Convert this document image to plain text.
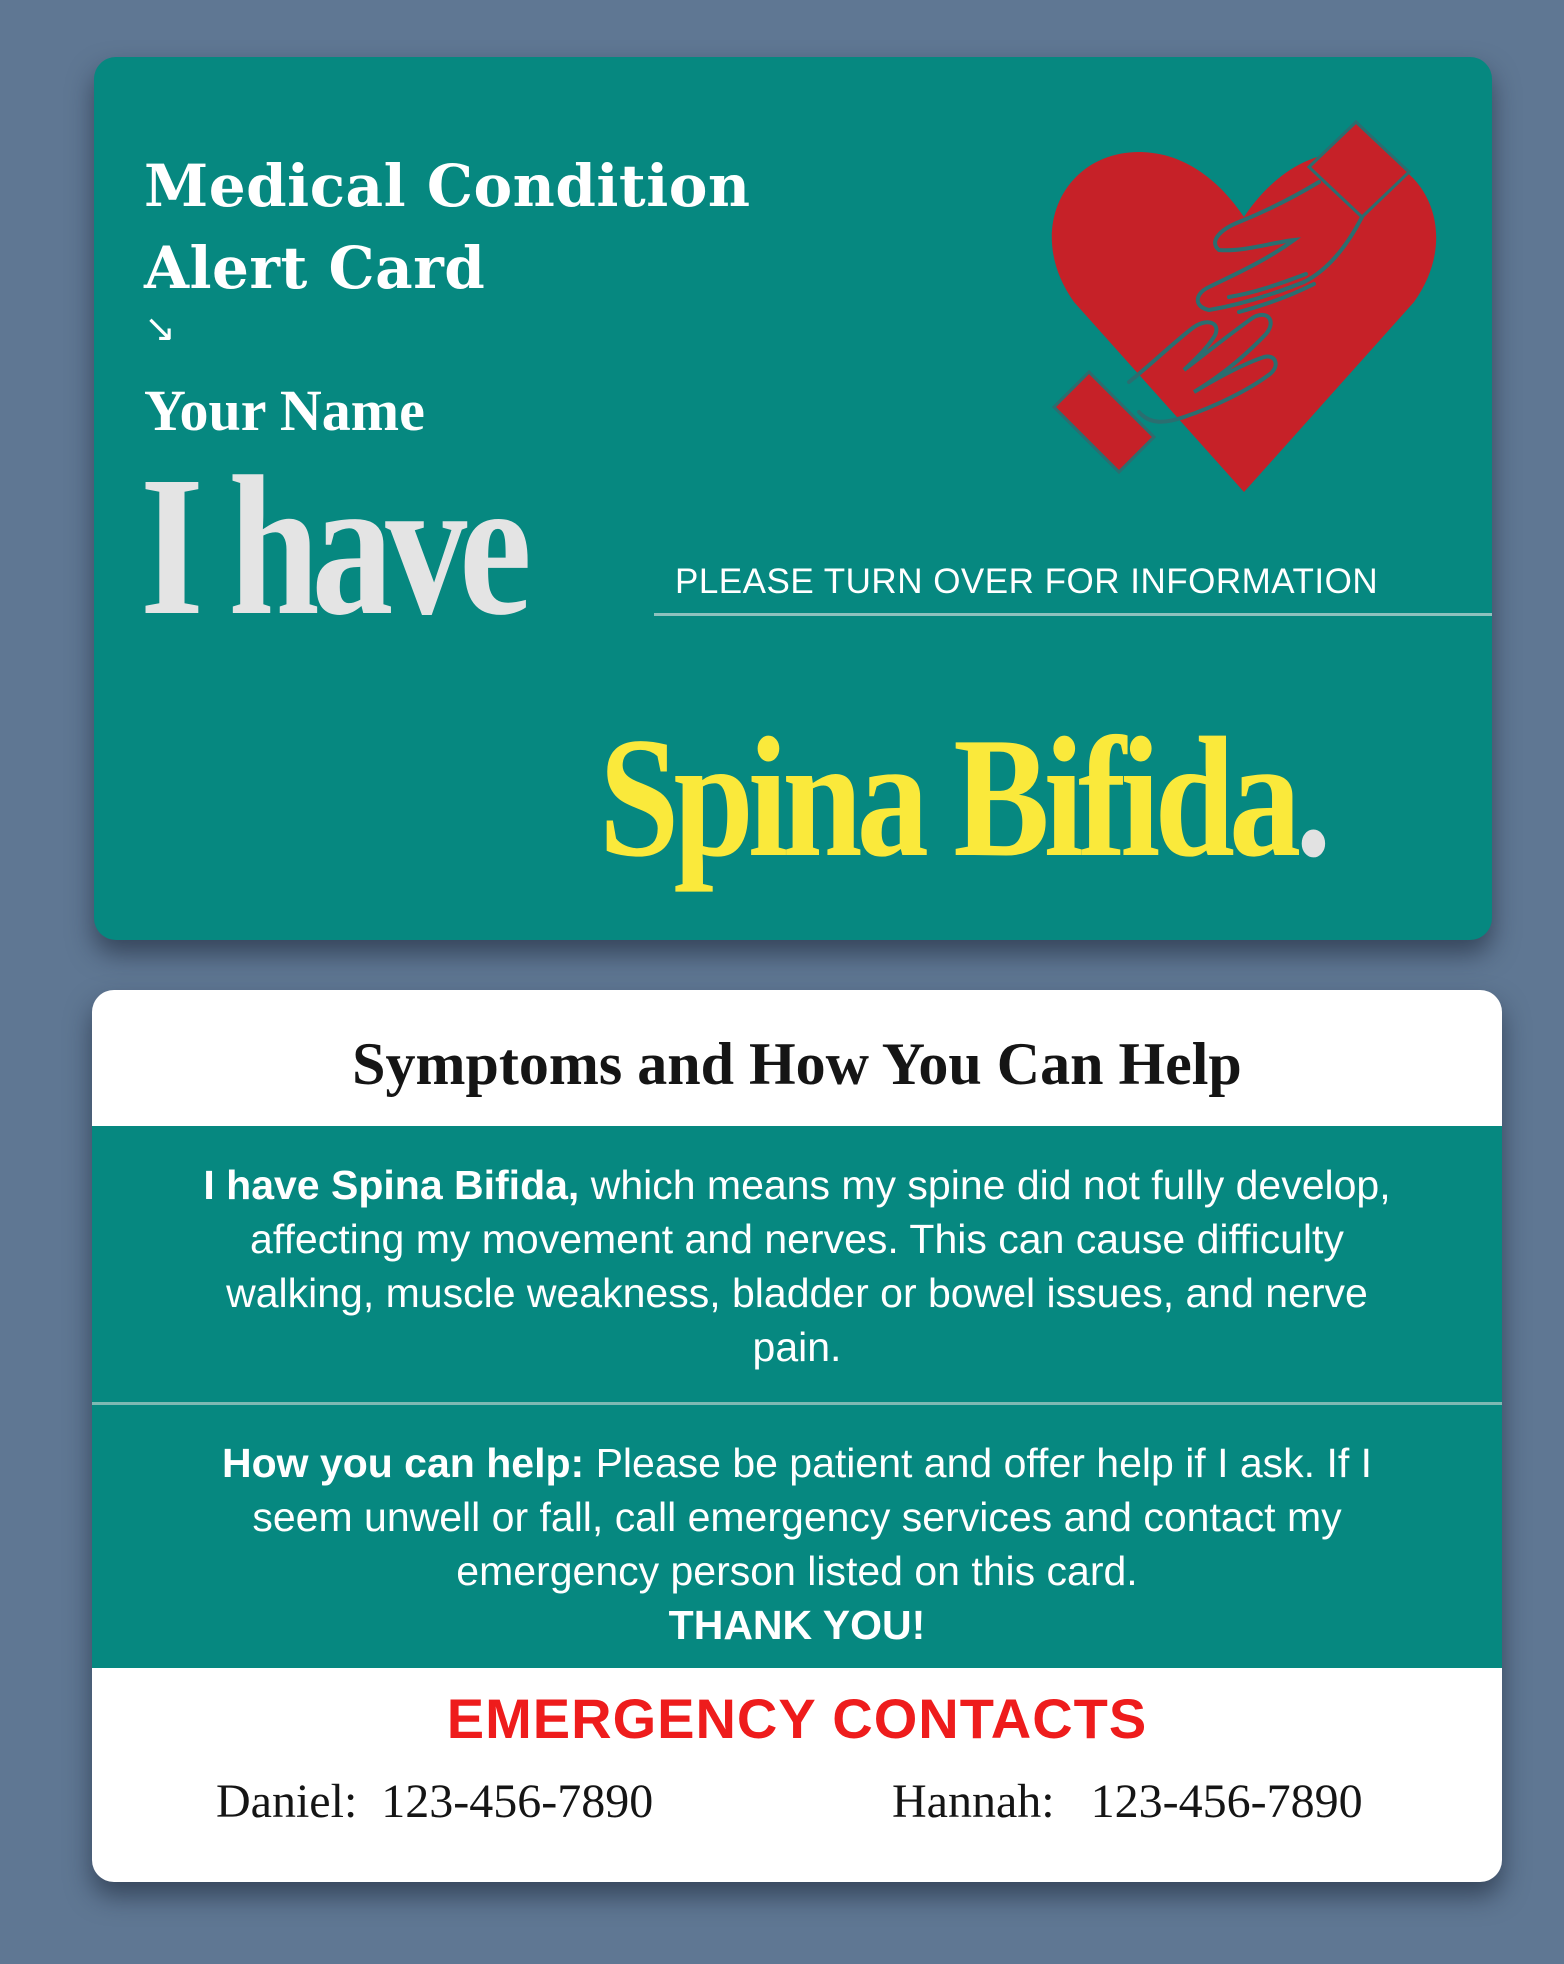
Medical Condition
Alert Card
↘

Your Name

I have	PLEASE TURN OVER FOR INFORMATION

Spina Bifida.

Symptoms and How You Can Help

I have Spina Bifida, which means my spine did not fully develop, affecting my movement and nerves. This can cause difficulty walking, muscle weakness, bladder or bowel issues, and nerve pain.

How you can help: Please be patient and offer help if I ask. If I seem unwell or fall, call emergency services and contact my emergency person listed on this card.
THANK YOU!

EMERGENCY CONTACTS

Daniel: 123-456-7890	Hannah: 123-456-7890
